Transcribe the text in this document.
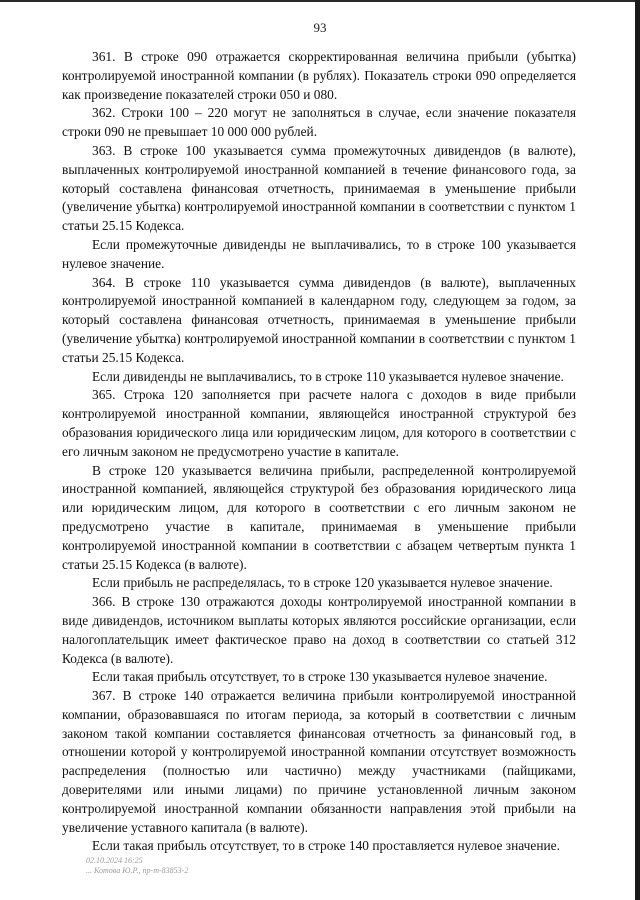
93

361. В строке 090 отражается скорректированная величина прибыли (убытка) контролируемой иностранной компании (в рублях). Показатель строки 090 определяется как произведение показателей строки 050 и 080.

362. Строки 100 – 220 могут не заполняться в случае, если значение показателя строки 090 не превышает 10 000 000 рублей.

363. В строке 100 указывается сумма промежуточных дивидендов (в валюте), выплаченных контролируемой иностранной компанией в течение финансового года, за который составлена финансовая отчетность, принимаемая в уменьшение прибыли (увеличение убытка) контролируемой иностранной компании в соответствии с пунктом 1 статьи 25.15 Кодекса.

Если промежуточные дивиденды не выплачивались, то в строке 100 указывается нулевое значение.

364. В строке 110 указывается сумма дивидендов (в валюте), выплаченных контролируемой иностранной компанией в календарном году, следующем за годом, за который составлена финансовая отчетность, принимаемая в уменьшение прибыли (увеличение убытка) контролируемой иностранной компании в соответствии с пунктом 1 статьи 25.15 Кодекса.

Если дивиденды не выплачивались, то в строке 110 указывается нулевое значение.

365. Строка 120 заполняется при расчете налога с доходов в виде прибыли контролируемой иностранной компании, являющейся иностранной структурой без образования юридического лица или юридическим лицом, для которого в соответствии с его личным законом не предусмотрено участие в капитале.

В строке 120 указывается величина прибыли, распределенной контролируемой иностранной компанией, являющейся структурой без образования юридического лица или юридическим лицом, для которого в соответствии с его личным законом не предусмотрено участие в капитале, принимаемая в уменьшение прибыли контролируемой иностранной компании в соответствии с абзацем четвертым пункта 1 статьи 25.15 Кодекса (в валюте).

Если прибыль не распределялась, то в строке 120 указывается нулевое значение.

366. В строке 130 отражаются доходы контролируемой иностранной компании в виде дивидендов, источником выплаты которых являются российские организации, если налогоплательщик имеет фактическое право на доход в соответствии со статьей 312 Кодекса (в валюте).

Если такая прибыль отсутствует, то в строке 130 указывается нулевое значение.

367. В строке 140 отражается величина прибыли контролируемой иностранной компании, образовавшаяся по итогам периода, за который в соответствии с личным законом такой компании составляется финансовая отчетность за финансовый год, в отношении которой у контролируемой иностранной компании отсутствует возможность распределения (полностью или частично) между участниками (пайщиками, доверителями или иными лицами) по причине установленной личным законом контролируемой иностранной компании обязанности направления этой прибыли на увеличение уставного капитала (в валюте).

Если такая прибыль отсутствует, то в строке 140 проставляется нулевое значение.

02.10.2024 16:25
... Котова Ю.Р., пр-т-83853-2
